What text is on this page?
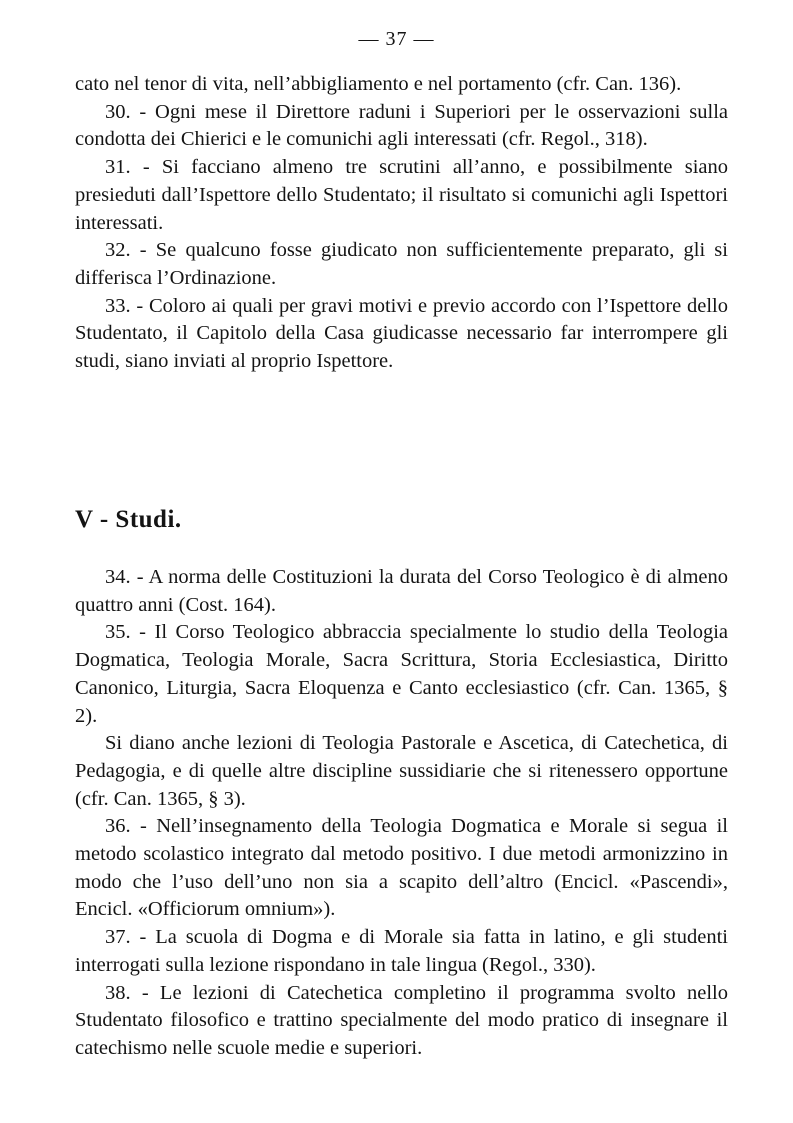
— 37 —

cato nel tenor di vita, nell’abbigliamento e nel portamento (cfr. Can. 136).

30. - Ogni mese il Direttore raduni i Superiori per le osservazioni sulla condotta dei Chierici e le comunichi agli interessati (cfr. Regol., 318).

31. - Si facciano almeno tre scrutini all’anno, e possibilmente siano presieduti dall’Ispettore dello Studentato; il risultato si comunichi agli Ispettori interessati.

32. - Se qualcuno fosse giudicato non sufficientemente preparato, gli si differisca l’Ordinazione.

33. - Coloro ai quali per gravi motivi e previo accordo con l’Ispettore dello Studentato, il Capitolo della Casa giudicasse necessario far interrompere gli studi, siano inviati al proprio Ispettore.

V - Studi.

34. - A norma delle Costituzioni la durata del Corso Teologico è di almeno quattro anni (Cost. 164).

35. - Il Corso Teologico abbraccia specialmente lo studio della Teologia Dogmatica, Teologia Morale, Sacra Scrittura, Storia Ecclesiastica, Diritto Canonico, Liturgia, Sacra Eloquenza e Canto ecclesiastico (cfr. Can. 1365, § 2).

Si diano anche lezioni di Teologia Pastorale e Ascetica, di Catechetica, di Pedagogia, e di quelle altre discipline sussidiarie che si ritenessero opportune (cfr. Can. 1365, § 3).

36. - Nell’insegnamento della Teologia Dogmatica e Morale si segua il metodo scolastico integrato dal metodo positivo. I due metodi armonizzino in modo che l’uso dell’uno non sia a scapito dell’altro (Encicl. «Pascendi», Encicl. «Officiorum omnium»).

37. - La scuola di Dogma e di Morale sia fatta in latino, e gli studenti interrogati sulla lezione rispondano in tale lingua (Regol., 330).

38. - Le lezioni di Catechetica completino il programma svolto nello Studentato filosofico e trattino specialmente del modo pratico di insegnare il catechismo nelle scuole medie e superiori.
